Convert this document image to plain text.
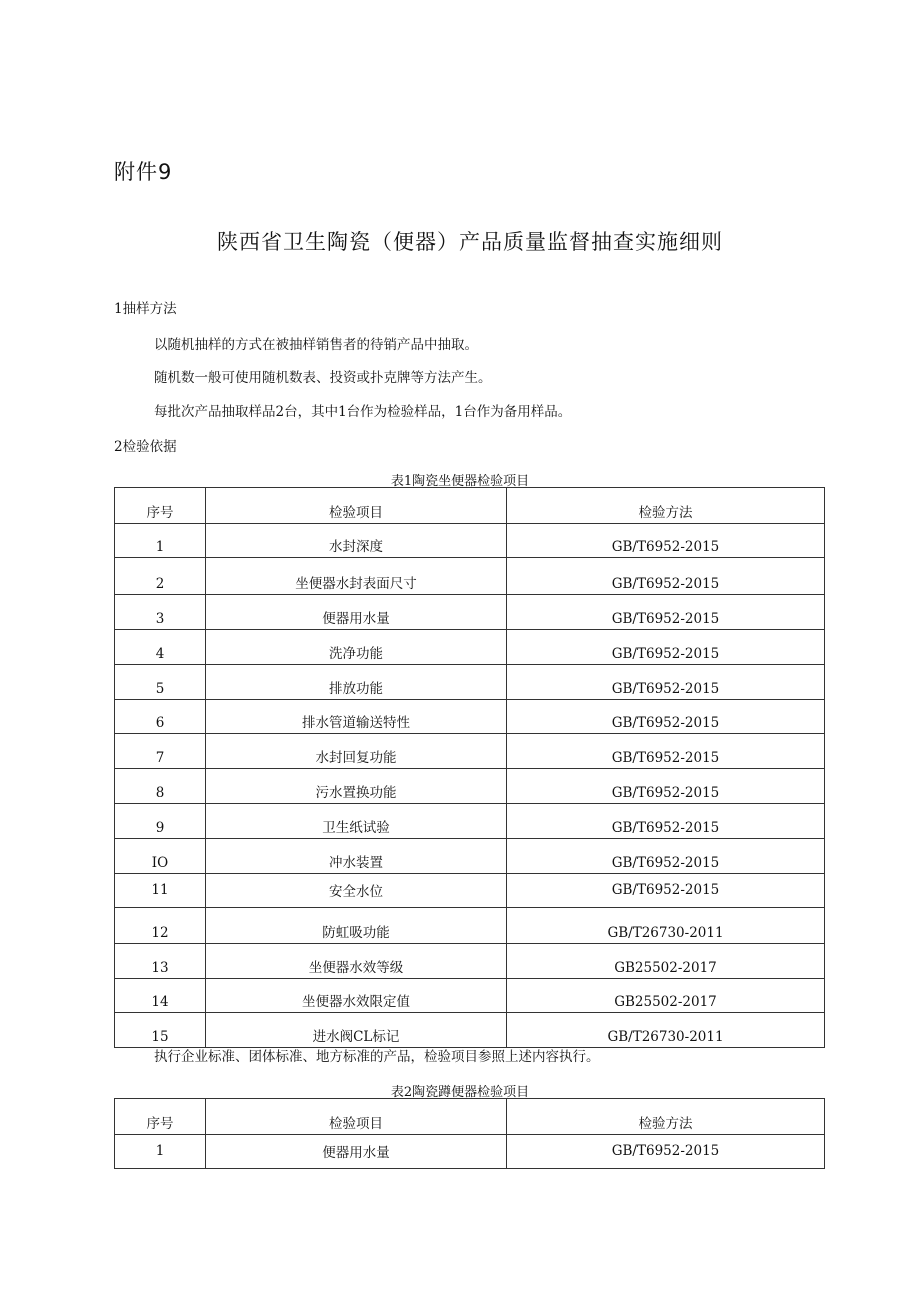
附件9
陕西省卫生陶瓷（便器）产品质量监督抽查实施细则
1抽样方法
以随机抽样的方式在被抽样销售者的待销产品中抽取。
随机数一般可使用随机数表、投资或扑克牌等方法产生。
每批次产品抽取样品2台，其中1台作为检验样品，1台作为备用样品。
2检验依据
表1陶瓷坐便器检验项目
序号	检验项目	检验方法
1	水封深度	GB/T6952-2015
2	坐便器水封表面尺寸	GB/T6952-2015
3	便器用水量	GB/T6952-2015
4	洗净功能	GB/T6952-2015
5	排放功能	GB/T6952-2015
6	排水管道输送特性	GB/T6952-2015
7	水封回复功能	GB/T6952-2015
8	污水置换功能	GB/T6952-2015
9	卫生纸试验	GB/T6952-2015
IO	冲水装置	GB/T6952-2015
11	安全水位	GB/T6952-2015
12	防虹吸功能	GB/T26730-2011
13	坐便器水效等级	GB25502-2017
14	坐便器水效限定值	GB25502-2017
15	进水阀CL标记	GB/T26730-2011
执行企业标准、团体标准、地方标准的产品，检验项目参照上述内容执行。
表2陶瓷蹲便器检验项目
序号	检验项目	检验方法
1	便器用水量	GB/T6952-2015
